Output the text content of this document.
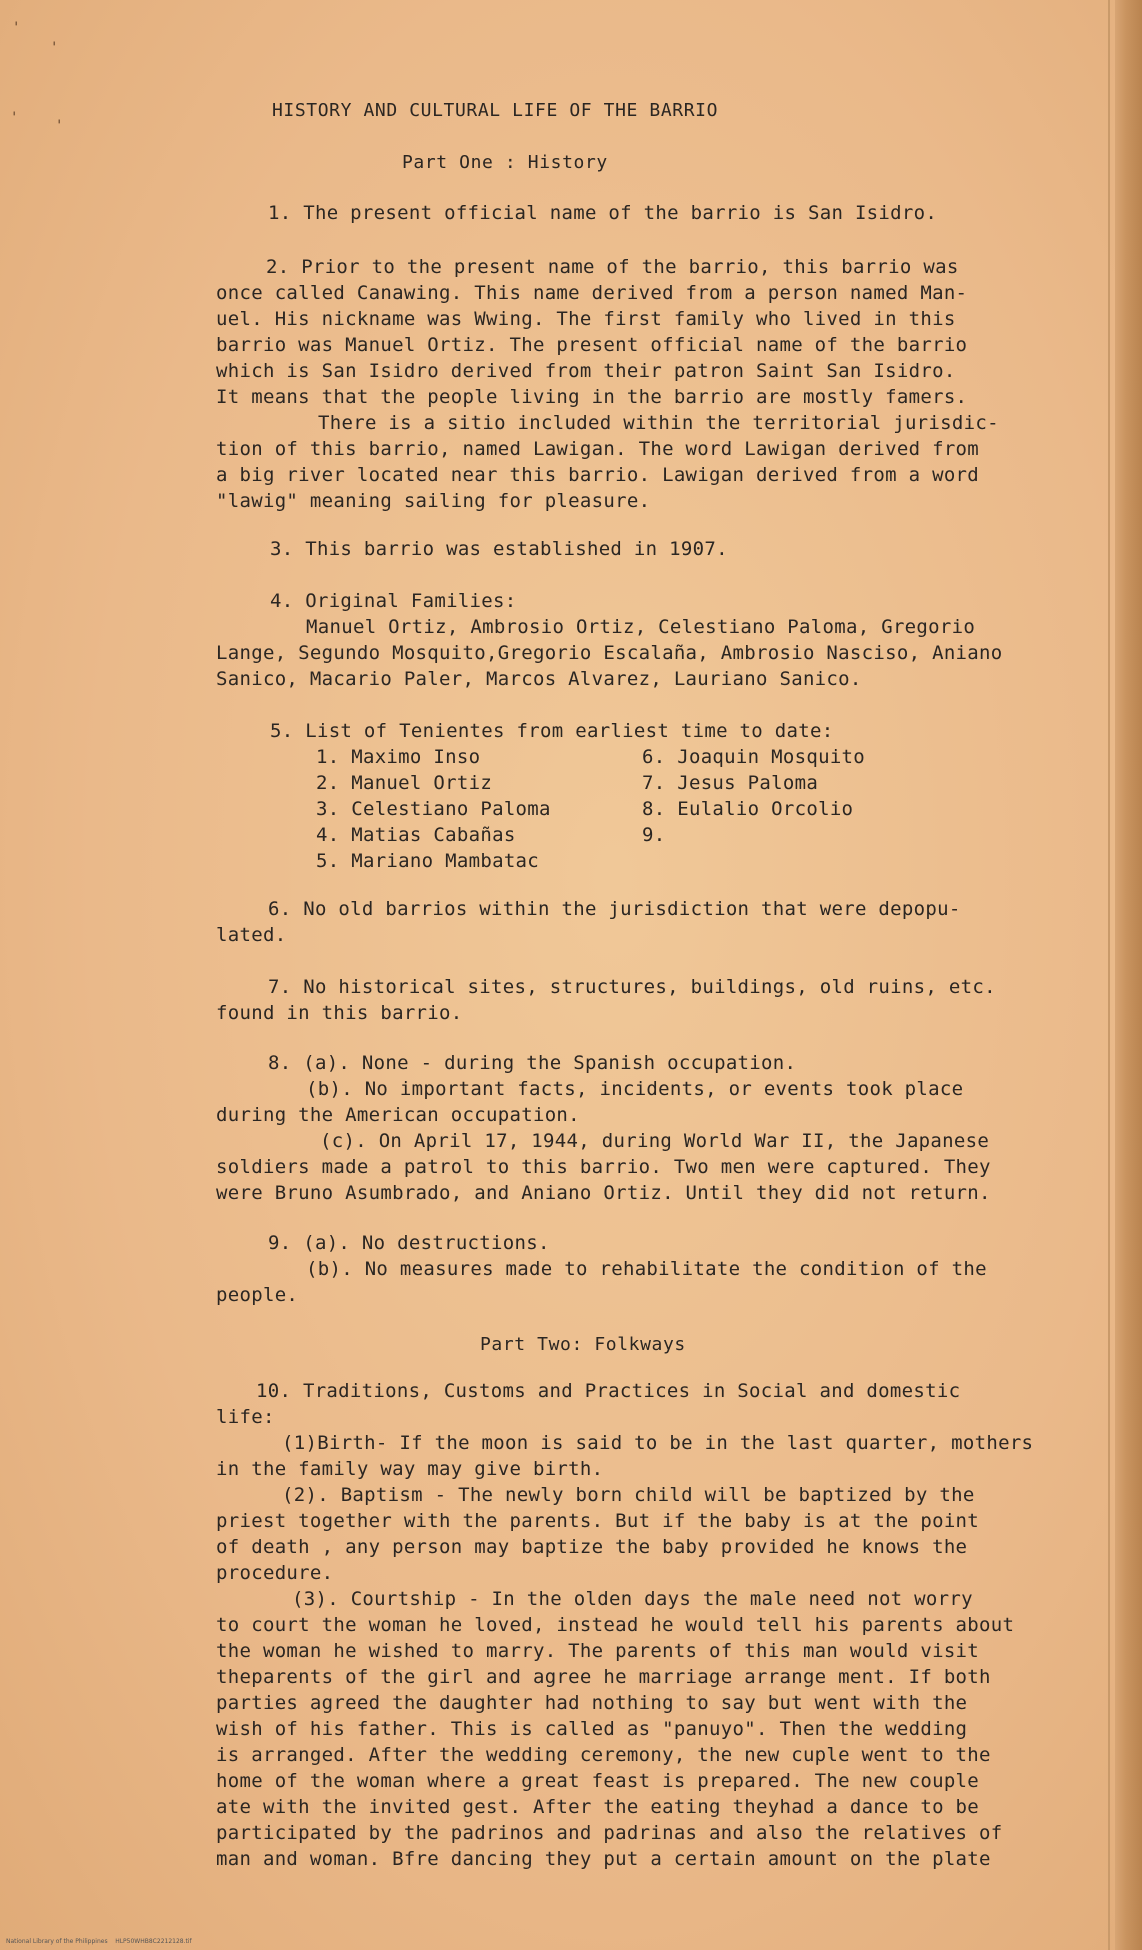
'
'
'	'
HISTORY AND CULTURAL LIFE OF THE BARRIO
Part One : History
1. The present official name of the barrio is San Isidro.
2. Prior to the present name of the barrio, this barrio was
once called Canawing. This name derived from a person named Man-
uel. His nickname was Wwing. The first family who lived in this
barrio was Manuel Ortiz. The present official name of the barrio
which is San Isidro derived from their patron Saint San Isidro.
It means that the people living in the barrio are mostly famers.
There is a sitio included within the territorial jurisdic-
tion of this barrio, named Lawigan. The word Lawigan derived from
a big river located near this barrio. Lawigan derived from a word
"lawig" meaning sailing for pleasure.
3. This barrio was established in 1907.
4. Original Families:
Manuel Ortiz, Ambrosio Ortiz, Celestiano Paloma, Gregorio
Lange, Segundo Mosquito,Gregorio Escalaña, Ambrosio Nasciso, Aniano
Sanico, Macario Paler, Marcos Alvarez, Lauriano Sanico.
5. List of Tenientes from earliest time to date:
1. Maximo Inso
2. Manuel Ortiz
3. Celestiano Paloma
4. Matias Cabañas
5. Mariano Mambatac
6. Joaquin Mosquito
7. Jesus Paloma
8. Eulalio Orcolio
9.
6. No old barrios within the jurisdiction that were depopu-
lated.
7. No historical sites, structures, buildings, old ruins, etc.
found in this barrio.
8. (a). None - during the Spanish occupation.
(b). No important facts, incidents, or events took place
during the American occupation.
(c). On April 17, 1944, during World War II, the Japanese
soldiers made a patrol to this barrio. Two men were captured. They
were Bruno Asumbrado, and Aniano Ortiz. Until they did not return.
9. (a). No destructions.
(b). No measures made to rehabilitate the condition of the
people.
Part Two: Folkways
10. Traditions, Customs and Practices in Social and domestic
life:
(1)Birth- If the moon is said to be in the last quarter, mothers
in the family way may give birth.
(2). Baptism - The newly born child will be baptized by the
priest together with the parents. But if the baby is at the point
of death , any person may baptize the baby provided he knows the
procedure.
(3). Courtship - In the olden days the male need not worry
to court the woman he loved, instead he would tell his parents about
the woman he wished to marry. The parents of this man would visit
theparents of the girl and agree he marriage arrange ment. If both
parties agreed the daughter had nothing to say but went with the
wish of his father. This is called as "panuyo". Then the wedding
is arranged. After the wedding ceremony, the new cuple went to the
home of the woman where a great feast is prepared. The new couple
ate with the invited gest. After the eating theyhad a dance to be
participated by the padrinos and padrinas and also the relatives of
man and woman. Bfre dancing they put a certain amount on the plate
National Library of the Philippines    HLP50WHB8C2212128.tif
